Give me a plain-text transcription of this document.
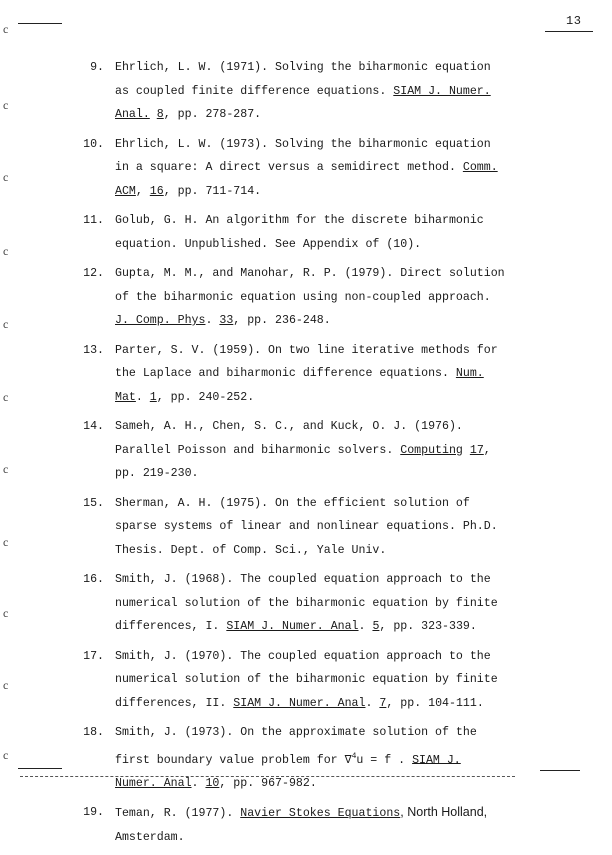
13
c
c
c
c
c
c
c
c
c
c
c
9. Ehrlich, L. W. (1971). Solving the biharmonic equation
as coupled finite difference equations. SIAM J. Numer.
Anal. 8, pp. 278-287.
10. Ehrlich, L. W. (1973). Solving the biharmonic equation
in a square: A direct versus a semidirect method. Comm.
ACM, 16, pp. 711-714.
11. Golub, G. H. An algorithm for the discrete biharmonic
equation. Unpublished. See Appendix of (10).
12. Gupta, M. M., and Manohar, R. P. (1979). Direct solution
of the biharmonic equation using non-coupled approach.
J. Comp. Phys. 33, pp. 236-248.
13. Parter, S. V. (1959). On two line iterative methods for
the Laplace and biharmonic difference equations. Num.
Mat. 1, pp. 240-252.
14. Sameh, A. H., Chen, S. C., and Kuck, O. J. (1976).
Parallel Poisson and biharmonic solvers. Computing 17,
pp. 219-230.
15. Sherman, A. H. (1975). On the efficient solution of
sparse systems of linear and nonlinear equations. Ph.D.
Thesis. Dept. of Comp. Sci., Yale Univ.
16. Smith, J. (1968). The coupled equation approach to the
numerical solution of the biharmonic equation by finite
differences, I. SIAM J. Numer. Anal. 5, pp. 323-339.
17. Smith, J. (1970). The coupled equation approach to the
numerical solution of the biharmonic equation by finite
differences, II. SIAM J. Numer. Anal. 7, pp. 104-111.
18. Smith, J. (1973). On the approximate solution of the
first boundary value problem for ∇$^4$u = f . SIAM J.
Numer. Anal. 10, pp. 967-982.
19. Teman, R. (1977). Navier Stokes Equations, North Holland,
Amsterdam.
